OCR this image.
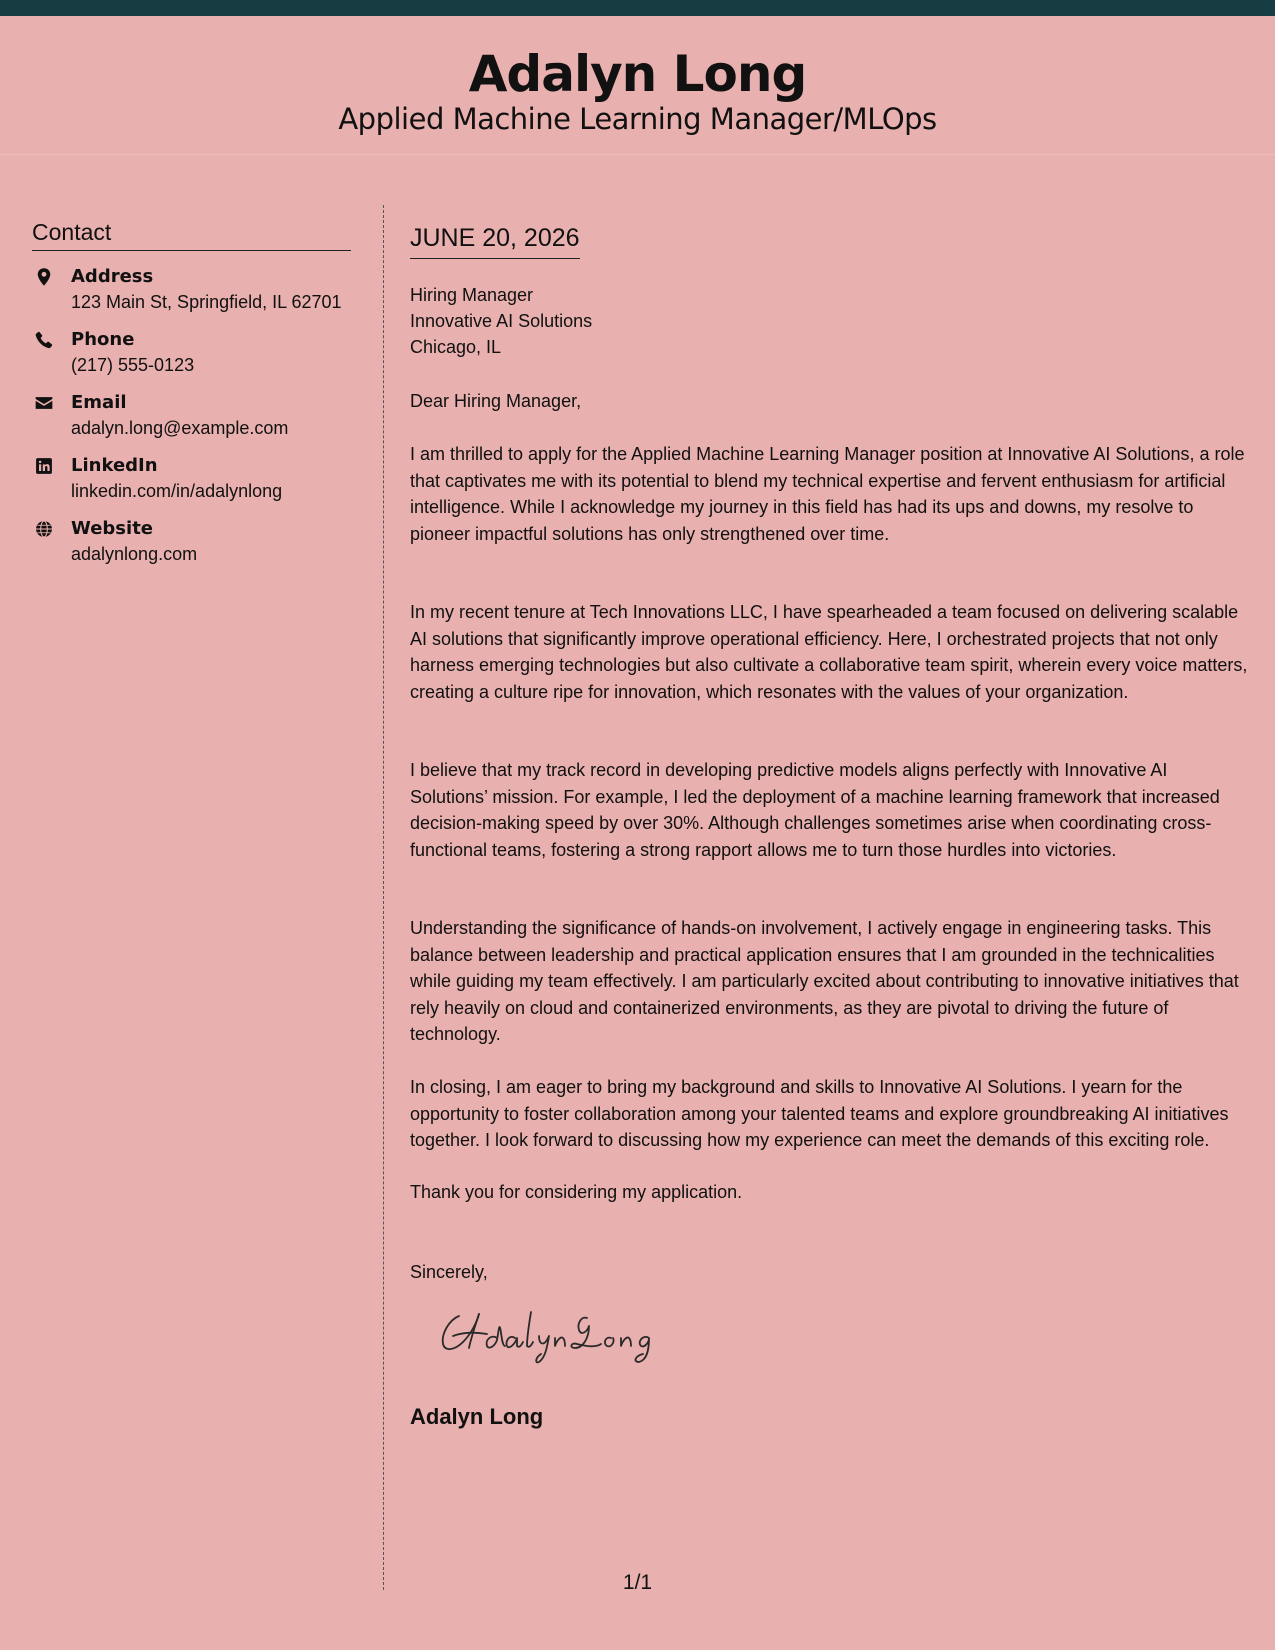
Adalyn Long
Applied Machine Learning Manager/MLOps
Contact
Address
123 Main St, Springfield, IL 62701
Phone
(217) 555-0123
Email
adalyn.long@example.com
LinkedIn
linkedin.com/in/adalynlong
Website
adalynlong.com
JUNE 20, 2026
Hiring Manager
Innovative AI Solutions
Chicago, IL
Dear Hiring Manager,
I am thrilled to apply for the Applied Machine Learning Manager position at Innovative AI Solutions, a role that captivates me with its potential to blend my technical expertise and fervent enthusiasm for artificial intelligence. While I acknowledge my journey in this field has had its ups and downs, my resolve to pioneer impactful solutions has only strengthened over time.
In my recent tenure at Tech Innovations LLC, I have spearheaded a team focused on delivering scalable AI solutions that significantly improve operational efficiency. Here, I orchestrated projects that not only harness emerging technologies but also cultivate a collaborative team spirit, wherein every voice matters, creating a culture ripe for innovation, which resonates with the values of your organization.
I believe that my track record in developing predictive models aligns perfectly with Innovative AI Solutions’ mission. For example, I led the deployment of a machine learning framework that increased decision-making speed by over 30%. Although challenges sometimes arise when coordinating cross-functional teams, fostering a strong rapport allows me to turn those hurdles into victories.
Understanding the significance of hands-on involvement, I actively engage in engineering tasks. This balance between leadership and practical application ensures that I am grounded in the technicalities while guiding my team effectively. I am particularly excited about contributing to innovative initiatives that rely heavily on cloud and containerized environments, as they are pivotal to driving the future of technology.
In closing, I am eager to bring my background and skills to Innovative AI Solutions. I yearn for the opportunity to foster collaboration among your talented teams and explore groundbreaking AI initiatives together. I look forward to discussing how my experience can meet the demands of this exciting role.
Thank you for considering my application.
Sincerely,
Adalyn Long
Adalyn Long
1/1
